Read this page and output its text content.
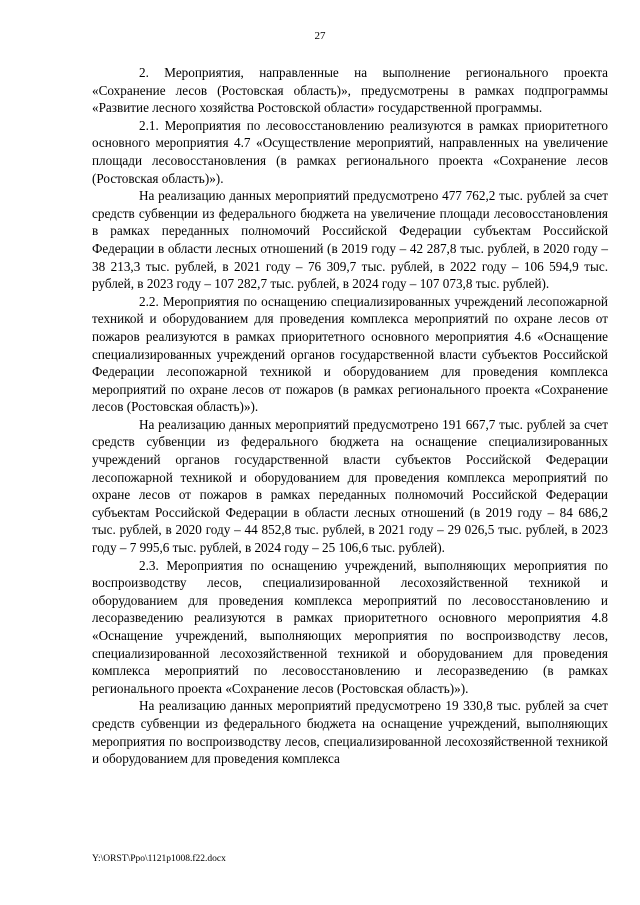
27

2. Мероприятия, направленные на выполнение регионального проекта «Сохранение лесов (Ростовская область)», предусмотрены в рамках подпрограммы «Развитие лесного хозяйства Ростовской области» государственной программы.

2.1. Мероприятия по лесовосстановлению реализуются в рамках приоритетного основного мероприятия 4.7 «Осуществление мероприятий, направленных на увеличение площади лесовосстановления (в рамках регионального проекта «Сохранение лесов (Ростовская область)»).

На реализацию данных мероприятий предусмотрено 477 762,2 тыс. рублей за счет средств субвенции из федерального бюджета на увеличение площади лесовосстановления в рамках переданных полномочий Российской Федерации субъектам Российской Федерации в области лесных отношений (в 2019 году – 42 287,8 тыс. рублей, в 2020 году – 38 213,3 тыс. рублей, в 2021 году – 76 309,7 тыс. рублей, в 2022 году – 106 594,9 тыс. рублей, в 2023 году – 107 282,7 тыс. рублей, в 2024 году – 107 073,8 тыс. рублей).

2.2. Мероприятия по оснащению специализированных учреждений лесопожарной техникой и оборудованием для проведения комплекса мероприятий по охране лесов от пожаров реализуются в рамках приоритетного основного мероприятия 4.6 «Оснащение специализированных учреждений органов государственной власти субъектов Российской Федерации лесопожарной техникой и оборудованием для проведения комплекса мероприятий по охране лесов от пожаров (в рамках регионального проекта «Сохранение лесов (Ростовская область)»).

На реализацию данных мероприятий предусмотрено 191 667,7 тыс. рублей за счет средств субвенции из федерального бюджета на оснащение специализированных учреждений органов государственной власти субъектов Российской Федерации лесопожарной техникой и оборудованием для проведения комплекса мероприятий по охране лесов от пожаров в рамках переданных полномочий Российской Федерации субъектам Российской Федерации в области лесных отношений (в 2019 году – 84 686,2 тыс. рублей, в 2020 году – 44 852,8 тыс. рублей, в 2021 году – 29 026,5 тыс. рублей, в 2023 году – 7 995,6 тыс. рублей, в 2024 году – 25 106,6 тыс. рублей).

2.3. Мероприятия по оснащению учреждений, выполняющих мероприятия по воспроизводству лесов, специализированной лесохозяйственной техникой и оборудованием для проведения комплекса мероприятий по лесовосстановлению и лесоразведению реализуются в рамках приоритетного основного мероприятия 4.8 «Оснащение учреждений, выполняющих мероприятия по воспроизводству лесов, специализированной лесохозяйственной техникой и оборудованием для проведения комплекса мероприятий по лесовосстановлению и лесоразведению (в рамках регионального проекта «Сохранение лесов (Ростовская область)»).

На реализацию данных мероприятий предусмотрено 19 330,8 тыс. рублей за счет средств субвенции из федерального бюджета на оснащение учреждений, выполняющих мероприятия по воспроизводству лесов, специализированной лесохозяйственной техникой и оборудованием для проведения комплекса

Y:\ORST\Ppo\1121p1008.f22.docx
